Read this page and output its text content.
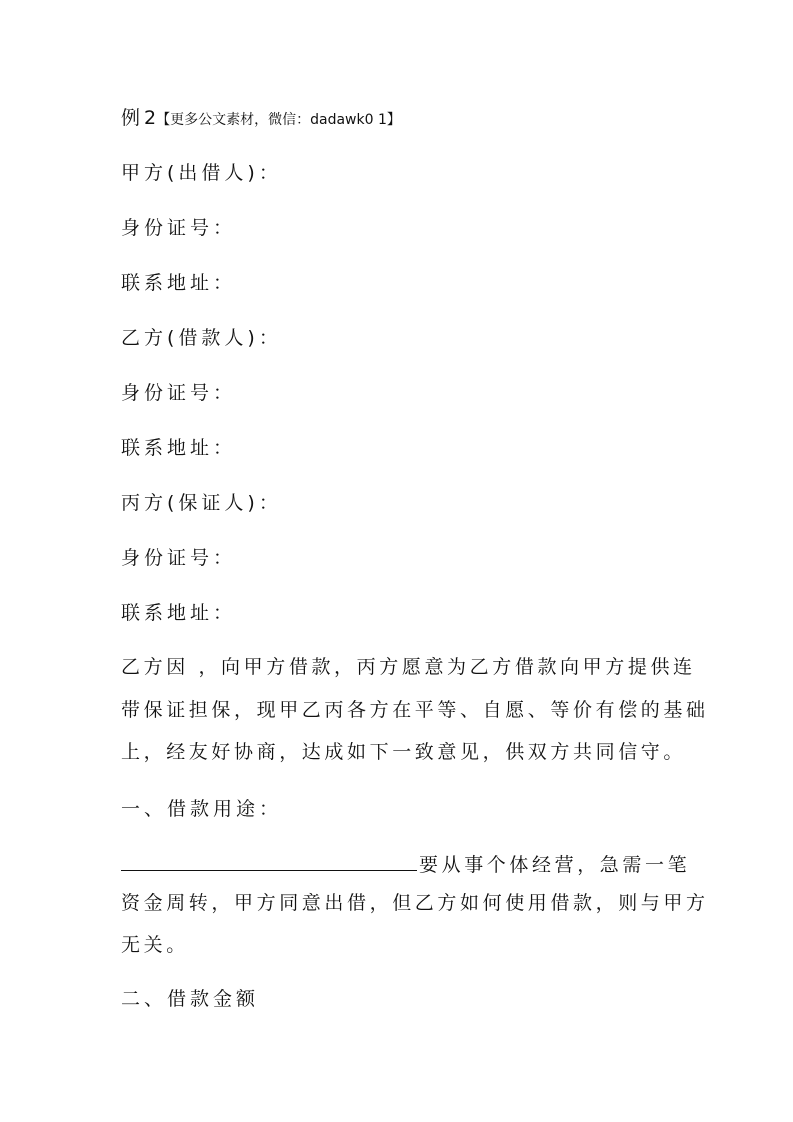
例2【更多公文素材，微信：dadawk0 1】
甲方(出借人)：
身份证号：
联系地址：
乙方(借款人)：
身份证号：
联系地址：
丙方(保证人)：
身份证号：
联系地址：
乙方因 ，向甲方借款，丙方愿意为乙方借款向甲方提供连
带保证担保，现甲乙丙各方在平等、自愿、等价有偿的基础
上，经友好协商，达成如下一致意见，供双方共同信守。
一、借款用途：
要从事个体经营，急需一笔
资金周转，甲方同意出借，但乙方如何使用借款，则与甲方
无关。
二、借款金额
